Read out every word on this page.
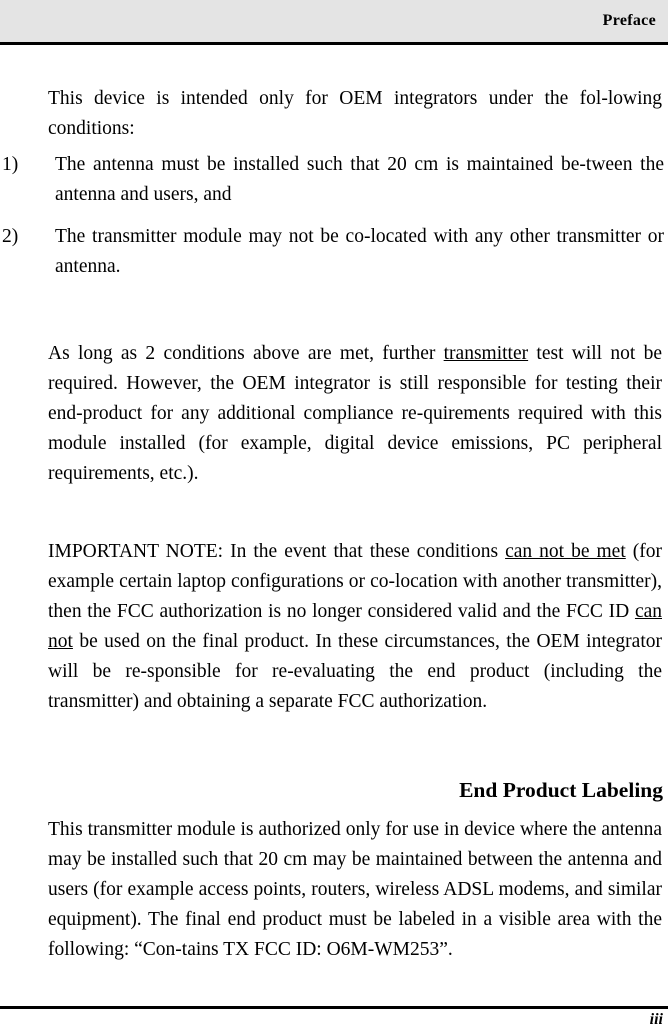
Preface

This device is intended only for OEM integrators under the fol-lowing conditions:

1) The antenna must be installed such that 20 cm is maintained be-tween the antenna and users, and
2) The transmitter module may not be co-located with any other transmitter or antenna.

As long as 2 conditions above are met, further transmitter test will not be required. However, the OEM integrator is still responsible for testing their end-product for any additional compliance re-quirements required with this module installed (for example, digital device emissions, PC peripheral requirements, etc.).

IMPORTANT NOTE: In the event that these conditions can not be met (for example certain laptop configurations or co-location with another transmitter), then the FCC authorization is no longer considered valid and the FCC ID can not be used on the final product. In these circumstances, the OEM integrator will be re-sponsible for re-evaluating the end product (including the transmitter) and obtaining a separate FCC authorization.

End Product Labeling

This transmitter module is authorized only for use in device where the antenna may be installed such that 20 cm may be maintained between the antenna and users (for example access points, routers, wireless ADSL modems, and similar equipment). The final end product must be labeled in a visible area with the following: “Con-tains TX FCC ID: O6M-WM253”.

iii
